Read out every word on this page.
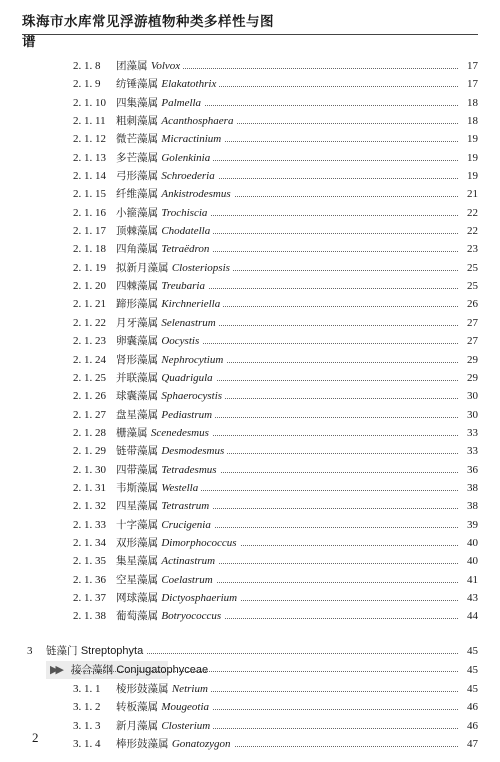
珠海市水库常见浮游植物种类多样性与图谱
2. 1. 8 团藻属 Volvox	17
2. 1. 9 纺锤藻属 Elakatothrix	17
2. 1. 10 四集藻属 Palmella	18
2. 1. 11 粗刺藻属 Acanthosphaera	18
2. 1. 12 微芒藻属 Micractinium	19
2. 1. 13 多芒藻属 Golenkinia	19
2. 1. 14 弓形藻属 Schroederia	19
2. 1. 15 纤维藻属 Ankistrodesmus	21
2. 1. 16 小箍藻属 Trochiscia	22
2. 1. 17 顶棘藻属 Chodatella	22
2. 1. 18 四角藻属 Tetraëdron	23
2. 1. 19 拟新月藻属 Closteriopsis	25
2. 1. 20 四棘藻属 Treubaria	25
2. 1. 21 蹄形藻属 Kirchneriella	26
2. 1. 22 月牙藻属 Selenastrum	27
2. 1. 23 卵囊藻属 Oocystis	27
2. 1. 24 肾形藻属 Nephrocytium	29
2. 1. 25 并联藻属 Quadrigula	29
2. 1. 26 球囊藻属 Sphaerocystis	30
2. 1. 27 盘星藻属 Pediastrum	30
2. 1. 28 栅藻属 Scenedesmus	33
2. 1. 29 链带藻属 Desmodesmus	33
2. 1. 30 四带藻属 Tetradesmus	36
2. 1. 31 韦斯藻属 Westella	38
2. 1. 32 四星藻属 Tetrastrum	38
2. 1. 33 十字藻属 Crucigenia	39
2. 1. 34 双形藻属 Dimorphococcus	40
2. 1. 35 集星藻属 Actinastrum	40
2. 1. 36 空星藻属 Coelastrum	41
2. 1. 37 网球藻属 Dictyosphaerium	43
2. 1. 38 葡萄藻属 Botryococcus	44
3 链藻门 Streptophyta	45
▶▶ 接合藻纲 Conjugatophyceae	45
3. 1. 1 棱形鼓藻属 Netrium	45
3. 1. 2 转板藻属 Mougeotia	46
3. 1. 3 新月藻属 Closterium	46
3. 1. 4 棒形鼓藻属 Gonatozygon	47
2
